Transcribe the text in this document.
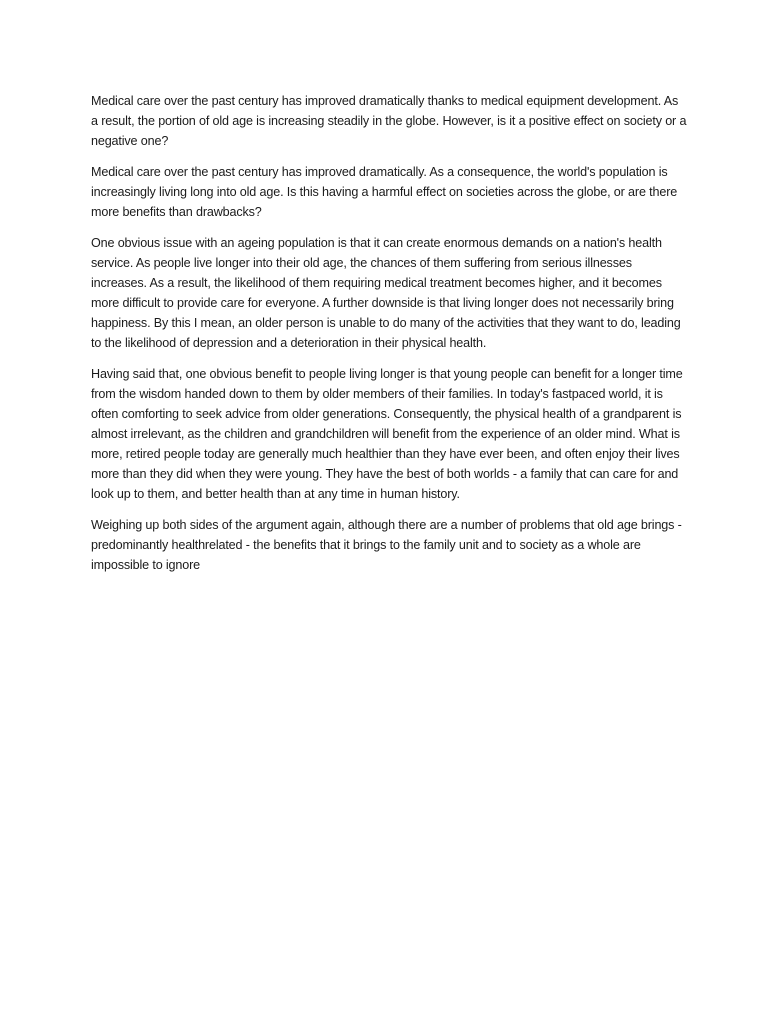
Medical care over the past century has improved dramatically thanks to medical equipment development. As a result, the portion of old age is increasing steadily in the globe. However, is it a positive effect on society or a negative one?

Medical care over the past century has improved dramatically. As a consequence, the world's population is increasingly living long into old age. Is this having a harmful effect on societies across the globe, or are there more benefits than drawbacks?

One obvious issue with an ageing population is that it can create enormous demands on a nation's health service. As people live longer into their old age, the chances of them suffering from serious illnesses increases. As a result, the likelihood of them requiring medical treatment becomes higher, and it becomes more difficult to provide care for everyone. A further downside is that living longer does not necessarily bring happiness. By this I mean, an older person is unable to do many of the activities that they want to do, leading to the likelihood of depression and a deterioration in their physical health.

Having said that, one obvious benefit to people living longer is that young people can benefit for a longer time from the wisdom handed down to them by older members of their families. In today's fastpaced world, it is often comforting to seek advice from older generations. Consequently, the physical health of a grandparent is almost irrelevant, as the children and grandchildren will benefit from the experience of an older mind. What is more, retired people today are generally much healthier than they have ever been, and often enjoy their lives more than they did when they were young. They have the best of both worlds - a family that can care for and look up to them, and better health than at any time in human history.

Weighing up both sides of the argument again, although there are a number of problems that old age brings - predominantly healthrelated - the benefits that it brings to the family unit and to society as a whole are impossible to ignore
